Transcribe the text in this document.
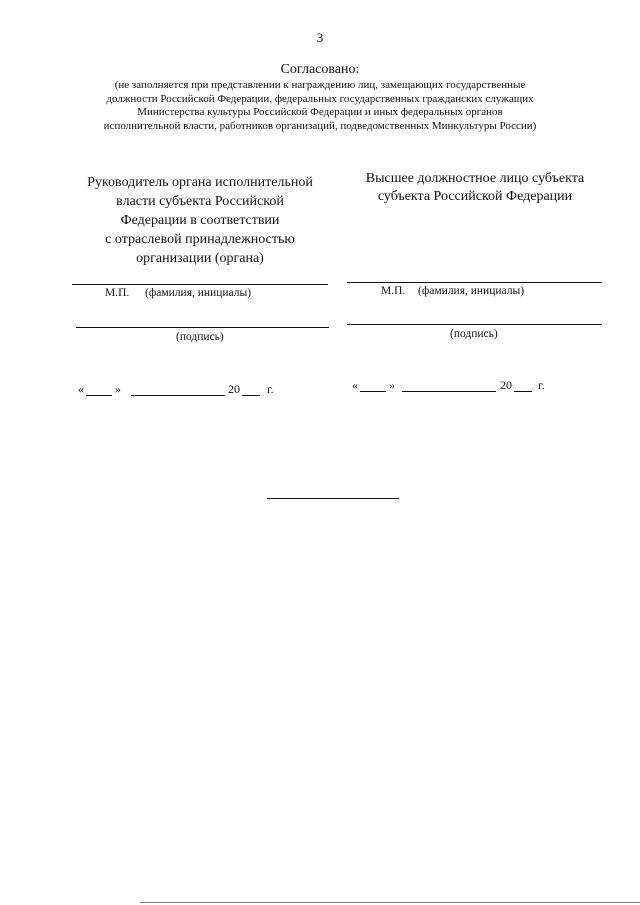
3
Согласовано:
(не заполняется при представлении к награждению лиц, замещающих государственные
должности Российской Федерации, федеральных государственных гражданских служащих
Министерства культуры Российской Федерации и иных федеральных органов
исполнительной власти, работников организаций, подведомственных Минкультуры России)
Руководитель органа исполнительной
власти субъекта Российской
Федерации в соответствии
с отраслевой принадлежностью
организации (органа)
М.П. (фамилия, инициалы)
(подпись)
«	»	20 г.
Высшее должностное лицо субъекта
субъекта Российской Федерации
М.П. (фамилия, инициалы)
(подпись)
«	»	20 г.
